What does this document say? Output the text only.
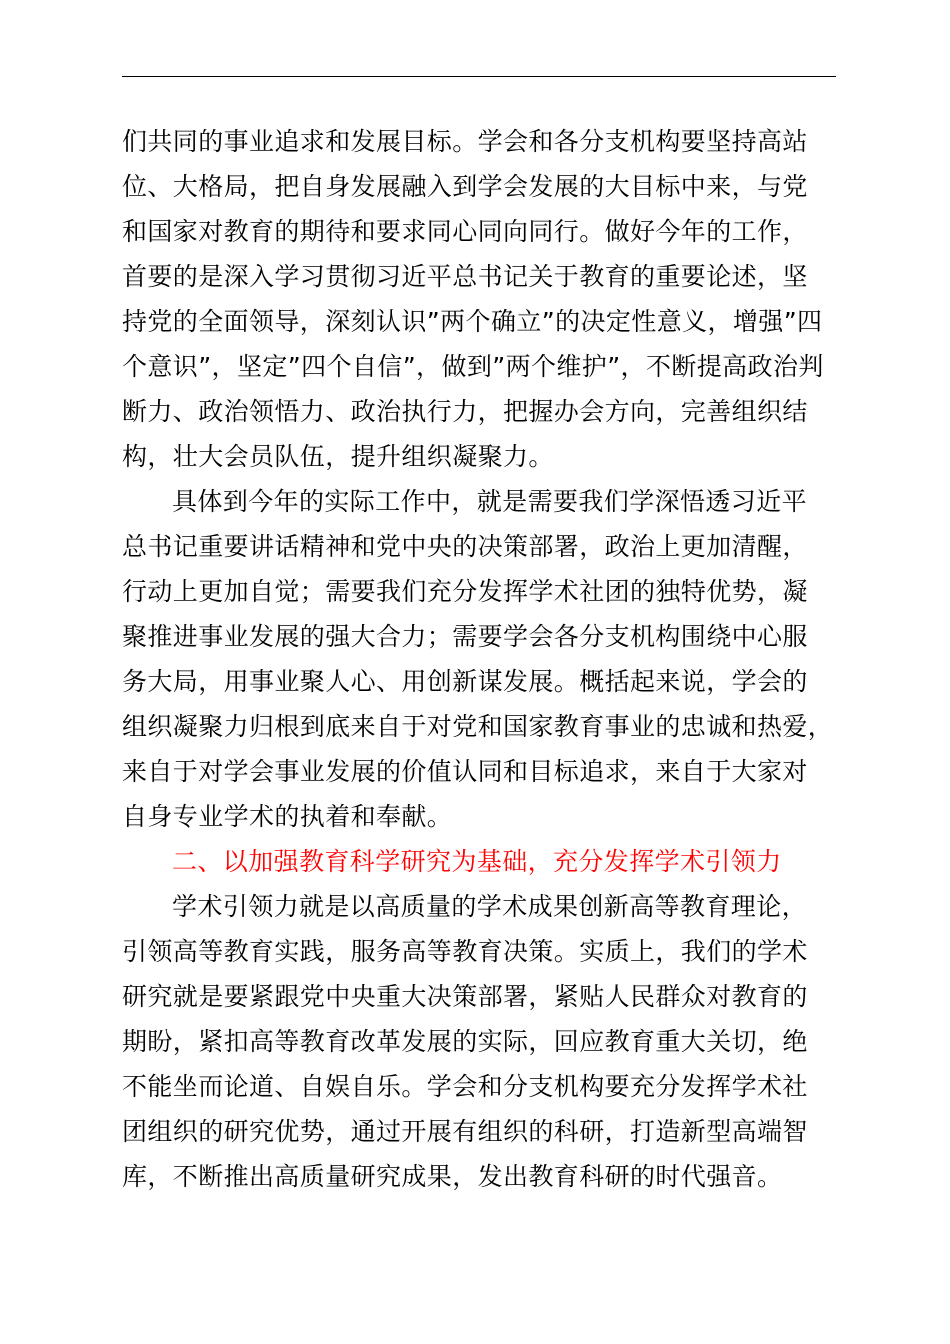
们共同的事业追求和发展目标。学会和各分支机构要坚持高站
位、大格局，把自身发展融入到学会发展的大目标中来，与党
和国家对教育的期待和要求同心同向同行。做好今年的工作，
首要的是深入学习贯彻习近平总书记关于教育的重要论述，坚
持党的全面领导，深刻认识”两个确立”的决定性意义，增强”四
个意识”，坚定”四个自信”，做到”两个维护”，不断提高政治判
断力、政治领悟力、政治执行力，把握办会方向，完善组织结
构，壮大会员队伍，提升组织凝聚力。
具体到今年的实际工作中，就是需要我们学深悟透习近平
总书记重要讲话精神和党中央的决策部署，政治上更加清醒，
行动上更加自觉；需要我们充分发挥学术社团的独特优势，凝
聚推进事业发展的强大合力；需要学会各分支机构围绕中心服
务大局，用事业聚人心、用创新谋发展。概括起来说，学会的
组织凝聚力归根到底来自于对党和国家教育事业的忠诚和热爱，
来自于对学会事业发展的价值认同和目标追求，来自于大家对
自身专业学术的执着和奉献。
二、以加强教育科学研究为基础，充分发挥学术引领力
学术引领力就是以高质量的学术成果创新高等教育理论，
引领高等教育实践，服务高等教育决策。实质上，我们的学术
研究就是要紧跟党中央重大决策部署，紧贴人民群众对教育的
期盼，紧扣高等教育改革发展的实际，回应教育重大关切，绝
不能坐而论道、自娱自乐。学会和分支机构要充分发挥学术社
团组织的研究优势，通过开展有组织的科研，打造新型高端智
库，不断推出高质量研究成果，发出教育科研的时代强音。
